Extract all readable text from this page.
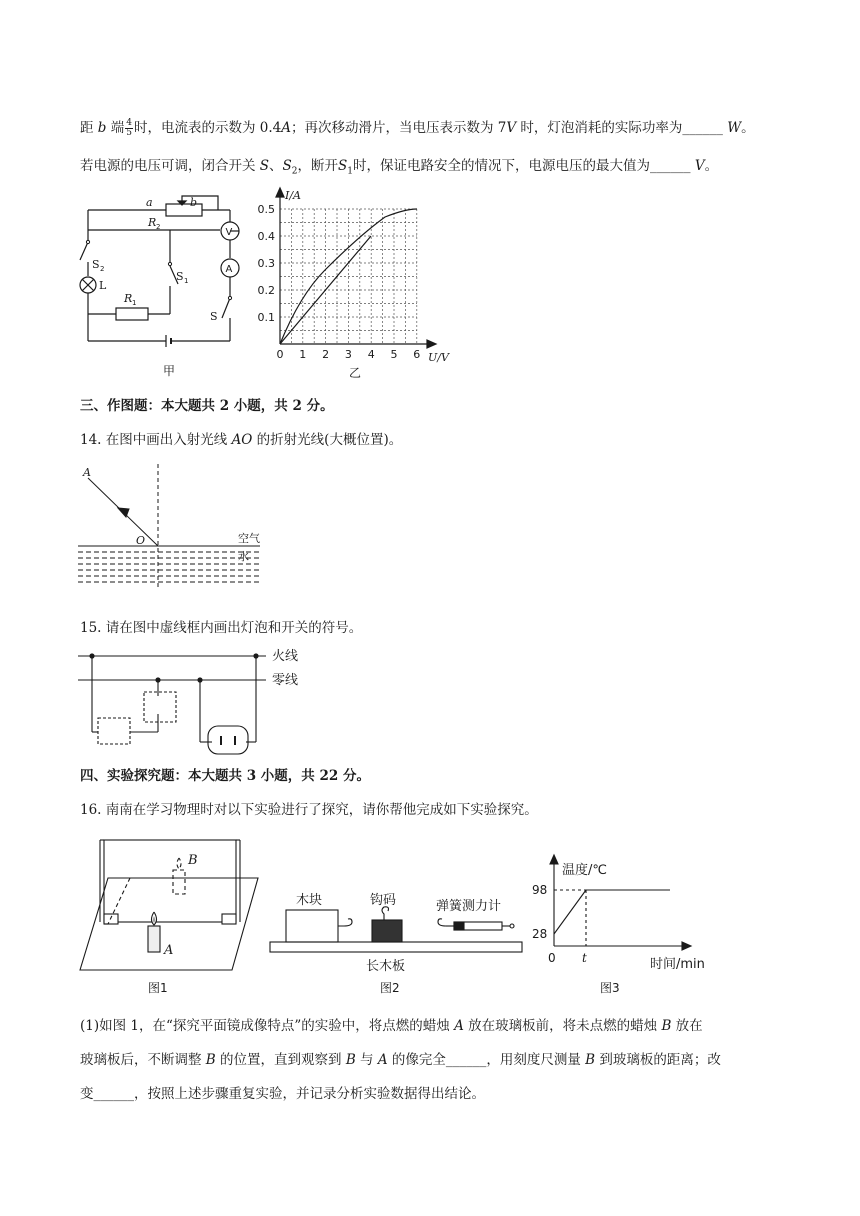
距 b 端 $\frac{4}{5}$ 时，电流表的示数为 0.4A；再次移动滑片，当电压表示数为 7V 时，灯泡消耗的实际功率为______ W。
若电源的电压可调，闭合开关 S、$S_2$，断开$S_1$时，保证电路安全的情况下，电源电压的最大值为______ V。
a	b
R 2	V
A
S 2
L
S 1
R 1
S
甲
I/A
0.5
0.4
0.3
0.2
0.1
0 1 2 3 4 5 6 U/V
乙
三、作图题：本大题共 2 小题，共 2 分。
14. 在图中画出入射光线 AO 的折射光线(大概位置)。
A
O	空气
水
15. 请在图中虚线框内画出灯泡和开关的符号。
火线
零线
四、实验探究题：本大题共 3 小题，共 22 分。
16. 南南在学习物理时对以下实验进行了探究，请你帮他完成如下实验探究。
B
A
图1
木块	钩码	弹簧测力计
长木板
图2
温度/℃
98
28
0 t	时间/min
图3
(1)如图 1，在“探究平面镜成像特点”的实验中，将点燃的蜡烛 A 放在玻璃板前，将未点燃的蜡烛 B 放在
玻璃板后，不断调整 B 的位置，直到观察到 B 与 A 的像完全______，用刻度尺测量 B 到玻璃板的距离；改
变______，按照上述步骤重复实验，并记录分析实验数据得出结论。
